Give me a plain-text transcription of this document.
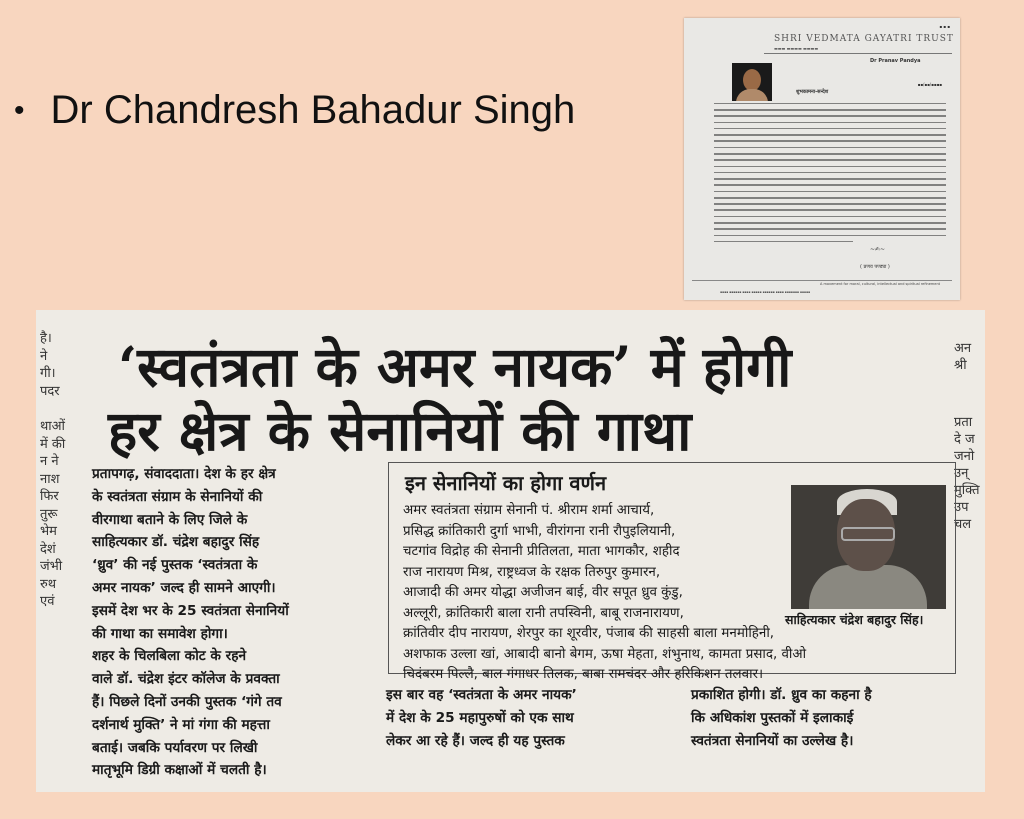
• Dr Chandresh Bahadur Singh
▪ ▪ ▪
SHRI VEDMATA GAYATRI TRUST
▬▬▬ ▬▬▬▬ ▬▬▬▬
Dr Pranav Pandya
▪▪/▪▪/▪▪▪▪
शुभकामना-सन्देश
~✍~
( प्रणव पण्ड्या )
A movement for moral, cultural, intellectual and spiritual refinement
▪▪▪▪ ▪▪▪▪▪▪ ▪▪▪▪ ▪▪▪▪▪ ▪▪▪▪▪▪ ▪▪▪▪ ▪▪▪▪▪▪▪ ▪▪▪▪▪
है।
ने
गी।
पदर
थाओं
में की
न ने
नाश
फिर
तुरू
भेम
देशं
जंभी
रुथ
एवं
अन
श्री
प्रता
दे ज
जनो
उन्
मुक्ति
उप
चल
‘स्वतंत्रता के अमर नायक’ में होगी
हर क्षेत्र के सेनानियों की गाथा
प्रतापगढ़, संवाददाता। देश के हर क्षेत्र
के स्वतंत्रता संग्राम के सेनानियों की
वीरगाथा बताने के लिए जिले के
साहित्यकार डॉ. चंद्रेश बहादुर सिंह
‘ध्रुव’ की नई पुस्तक ‘स्वतंत्रता के
अमर नायक’ जल्द ही सामने आएगी।
इसमें देश भर के 25 स्वतंत्रता सेनानियों
की गाथा का समावेश होगा।
शहर के चिलबिला कोट के रहने
वाले डॉ. चंद्रेश इंटर कॉलेज के प्रवक्ता
हैं। पिछले दिनों उनकी पुस्तक ‘गंगे तव
दर्शनार्थ मुक्ति’ ने मां गंगा की महत्ता
बताई। जबकि पर्यावरण पर लिखी
मातृभूमि डिग्री कक्षाओं में चलती है।
इन सेनानियों का होगा वर्णन
अमर स्वतंत्रता संग्राम सेनानी पं. श्रीराम शर्मा आचार्य,
प्रसिद्ध क्रांतिकारी दुर्गा भाभी, वीरांगना रानी रौपुइलियानी,
चटगांव विद्रोह की सेनानी प्रीतिलता, माता भागकौर, शहीद
राज नारायण मिश्र, राष्ट्रध्वज के रक्षक तिरुपुर कुमारन,
आजादी की अमर योद्धा अजीजन बाई, वीर सपूत ध्रुव कुंडु,
अल्लूरी, क्रांतिकारी बाला रानी तपस्विनी, बाबू राजनारायण,
क्रांतिवीर दीप नारायण, शेरपुर का शूरवीर, पंजाब की साहसी बाला मनमोहिनी,
अशफाक उल्ला खां, आबादी बानो बेगम, ऊषा मेहता, शंभुनाथ, कामता प्रसाद, वीओ
चिदंबरम पिल्लै, बाल गंगाधर तिलक, बाबा रामचंदर और हरिकिशन तलवार।
साहित्यकार चंद्रेश बहादुर सिंह।
इस बार वह ‘स्वतंत्रता के अमर नायक’
में देश के 25 महापुरुषों को एक साथ
लेकर आ रहे हैं। जल्द ही यह पुस्तक
प्रकाशित होगी। डॉ. ध्रुव का कहना है
कि अधिकांश पुस्तकों में इलाकाई
स्वतंत्रता सेनानियों का उल्लेख है।
